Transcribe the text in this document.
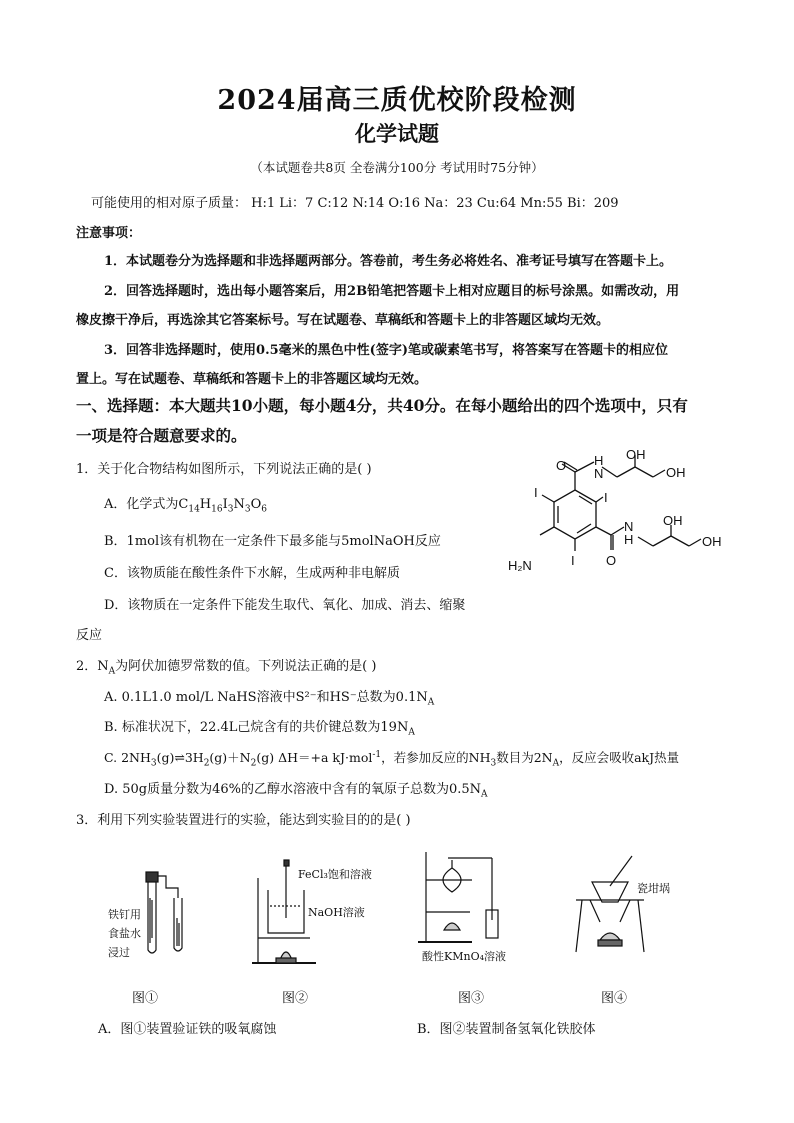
2024届高三质优校阶段检测
化学试题
（本试题卷共8页 全卷满分100分 考试用时75分钟）
可能使用的相对原子质量： H:1 Li：7 C:12 N:14 O:16 Na：23 Cu:64 Mn:55 Bi：209
注意事项：
1．本试题卷分为选择题和非选择题两部分。答卷前，考生务必将姓名、准考证号填写在答题卡上。
2．回答选择题时，选出每小题答案后，用2B铅笔把答题卡上相对应题目的标号涂黑。如需改动，用
橡皮擦干净后，再选涂其它答案标号。写在试题卷、草稿纸和答题卡上的非答题区域均无效。
3．回答非选择题时，使用0.5毫米的黑色中性(签字)笔或碳素笔书写，将答案写在答题卡的相应位
置上。写在试题卷、草稿纸和答题卡上的非答题区域均无效。
一、选择题：本大题共10小题，每小题4分，共40分。在每小题给出的四个选项中，只有
一项是符合题意要求的。
1．关于化合物结构如图所示，下列说法正确的是( )
A．化学式为$C_{14}H_{16}I_3N_3O_6$
B．1mol该有机物在一定条件下最多能与5molNaOH反应
C．该物质能在酸性条件下水解，生成两种非电解质
D．该物质在一定条件下能发生取代、氧化、加成、消去、缩聚
反应
O H
N
OH
OH
I	I
H₂N	I O
N
H
OH
OH
2．$N_A$为阿伏加德罗常数的值。下列说法正确的是( )
A. 0.1L1.0 mol/L NaHS溶液中S²⁻和HS⁻总数为$0.1N_A$
B. 标准状况下，22.4L己烷含有的共价键总数为$19N_A$
C. $2NH_3(g)\rightleftharpoons 3H_2(g)+N_2(g)$ ΔH＝+a kJ·mol$^{-1}$，若参加反应的$NH_3$数目为$2N_A$，反应会吸收akJ热量
D. 50g质量分数为46%的乙醇水溶液中含有的氧原子总数为$0.5N_A$
3．利用下列实验装置进行的实验，能达到实验目的的是( )
铁钉用
食盐水
浸过
FeCl₃饱和溶液
NaOH溶液
酸性KMnO₄溶液
瓷坩埚
图①	图②	图③	图④
A．图①装置验证铁的吸氧腐蚀	B．图②装置制备氢氧化铁胶体
